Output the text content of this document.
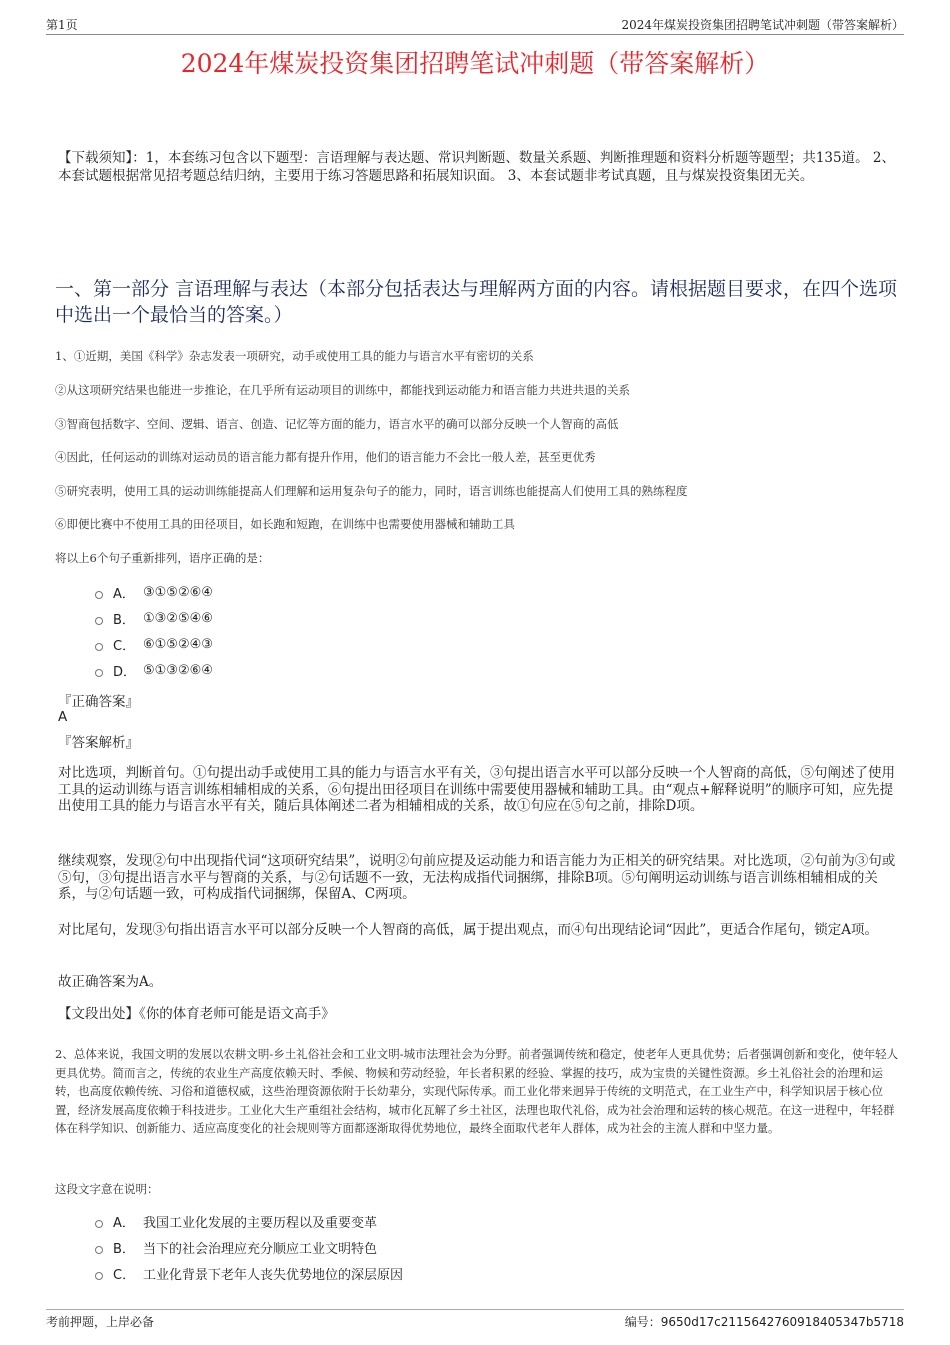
第1页	2024年煤炭投资集团招聘笔试冲刺题（带答案解析）
2024年煤炭投资集团招聘笔试冲刺题（带答案解析）
【下载须知】：1，本套练习包含以下题型：言语理解与表达题、常识判断题、数量关系题、判断推理题和资料分析题等题型；共135道。 2、本套试题根据常见招考题总结归纳，主要用于练习答题思路和拓展知识面。 3、本套试题非考试真题，且与煤炭投资集团无关。
一、第一部分 言语理解与表达（本部分包括表达与理解两方面的内容。请根据题目要求，在四个选项中选出一个最恰当的答案。）
1、①近期，美国《科学》杂志发表一项研究，动手或使用工具的能力与语言水平有密切的关系
②从这项研究结果也能进一步推论，在几乎所有运动项目的训练中，都能找到运动能力和语言能力共进共退的关系
③智商包括数字、空间、逻辑、语言、创造、记忆等方面的能力，语言水平的确可以部分反映一个人智商的高低
④因此，任何运动的训练对运动员的语言能力都有提升作用，他们的语言能力不会比一般人差，甚至更优秀
⑤研究表明，使用工具的运动训练能提高人们理解和运用复杂句子的能力，同时，语言训练也能提高人们使用工具的熟练程度
⑥即便比赛中不使用工具的田径项目，如长跑和短跑，在训练中也需要使用器械和辅助工具
将以上6个句子重新排列，语序正确的是：
A． ③①⑤②⑥④
B． ①③②⑤④⑥
C． ⑥①⑤②④③
D． ⑤①③②⑥④
『正确答案』
A
『答案解析』
对比选项，判断首句。①句提出动手或使用工具的能力与语言水平有关，③句提出语言水平可以部分反映一个人智商的高低，⑤句阐述了使用工具的运动训练与语言训练相辅相成的关系，⑥句提出田径项目在训练中需要使用器械和辅助工具。由“观点+解释说明”的顺序可知，应先提出使用工具的能力与语言水平有关，随后具体阐述二者为相辅相成的关系，故①句应在⑤句之前，排除D项。
继续观察，发现②句中出现指代词“这项研究结果”，说明②句前应提及运动能力和语言能力为正相关的研究结果。对比选项，②句前为③句或⑤句，③句提出语言水平与智商的关系，与②句话题不一致，无法构成指代词捆绑，排除B项。⑤句阐明运动训练与语言训练相辅相成的关系，与②句话题一致，可构成指代词捆绑，保留A、C两项。
对比尾句，发现③句指出语言水平可以部分反映一个人智商的高低，属于提出观点，而④句出现结论词“因此”，更适合作尾句，锁定A项。
故正确答案为A。
【文段出处】《你的体育老师可能是语文高手》
2、总体来说，我国文明的发展以农耕文明-乡土礼俗社会和工业文明-城市法理社会为分野。前者强调传统和稳定，使老年人更具优势；后者强调创新和变化，使年轻人更具优势。简而言之，传统的农业生产高度依赖天时、季候、物候和劳动经验，年长者积累的经验、掌握的技巧，成为宝贵的关键性资源。乡土礼俗社会的治理和运转，也高度依赖传统、习俗和道德权威，这些治理资源依附于长幼辈分，实现代际传承。而工业化带来迥异于传统的文明范式，在工业生产中，科学知识居于核心位置，经济发展高度依赖于科技进步。工业化大生产重组社会结构，城市化瓦解了乡土社区，法理也取代礼俗，成为社会治理和运转的核心规范。在这一进程中，年轻群体在科学知识、创新能力、适应高度变化的社会规则等方面都逐渐取得优势地位，最终全面取代老年人群体，成为社会的主流人群和中坚力量。
这段文字意在说明：
A． 我国工业化发展的主要历程以及重要变革
B． 当下的社会治理应充分顺应工业文明特色
C． 工业化背景下老年人丧失优势地位的深层原因
考前押题，上岸必备	编号：9650d17c2115642760918405347b5718
